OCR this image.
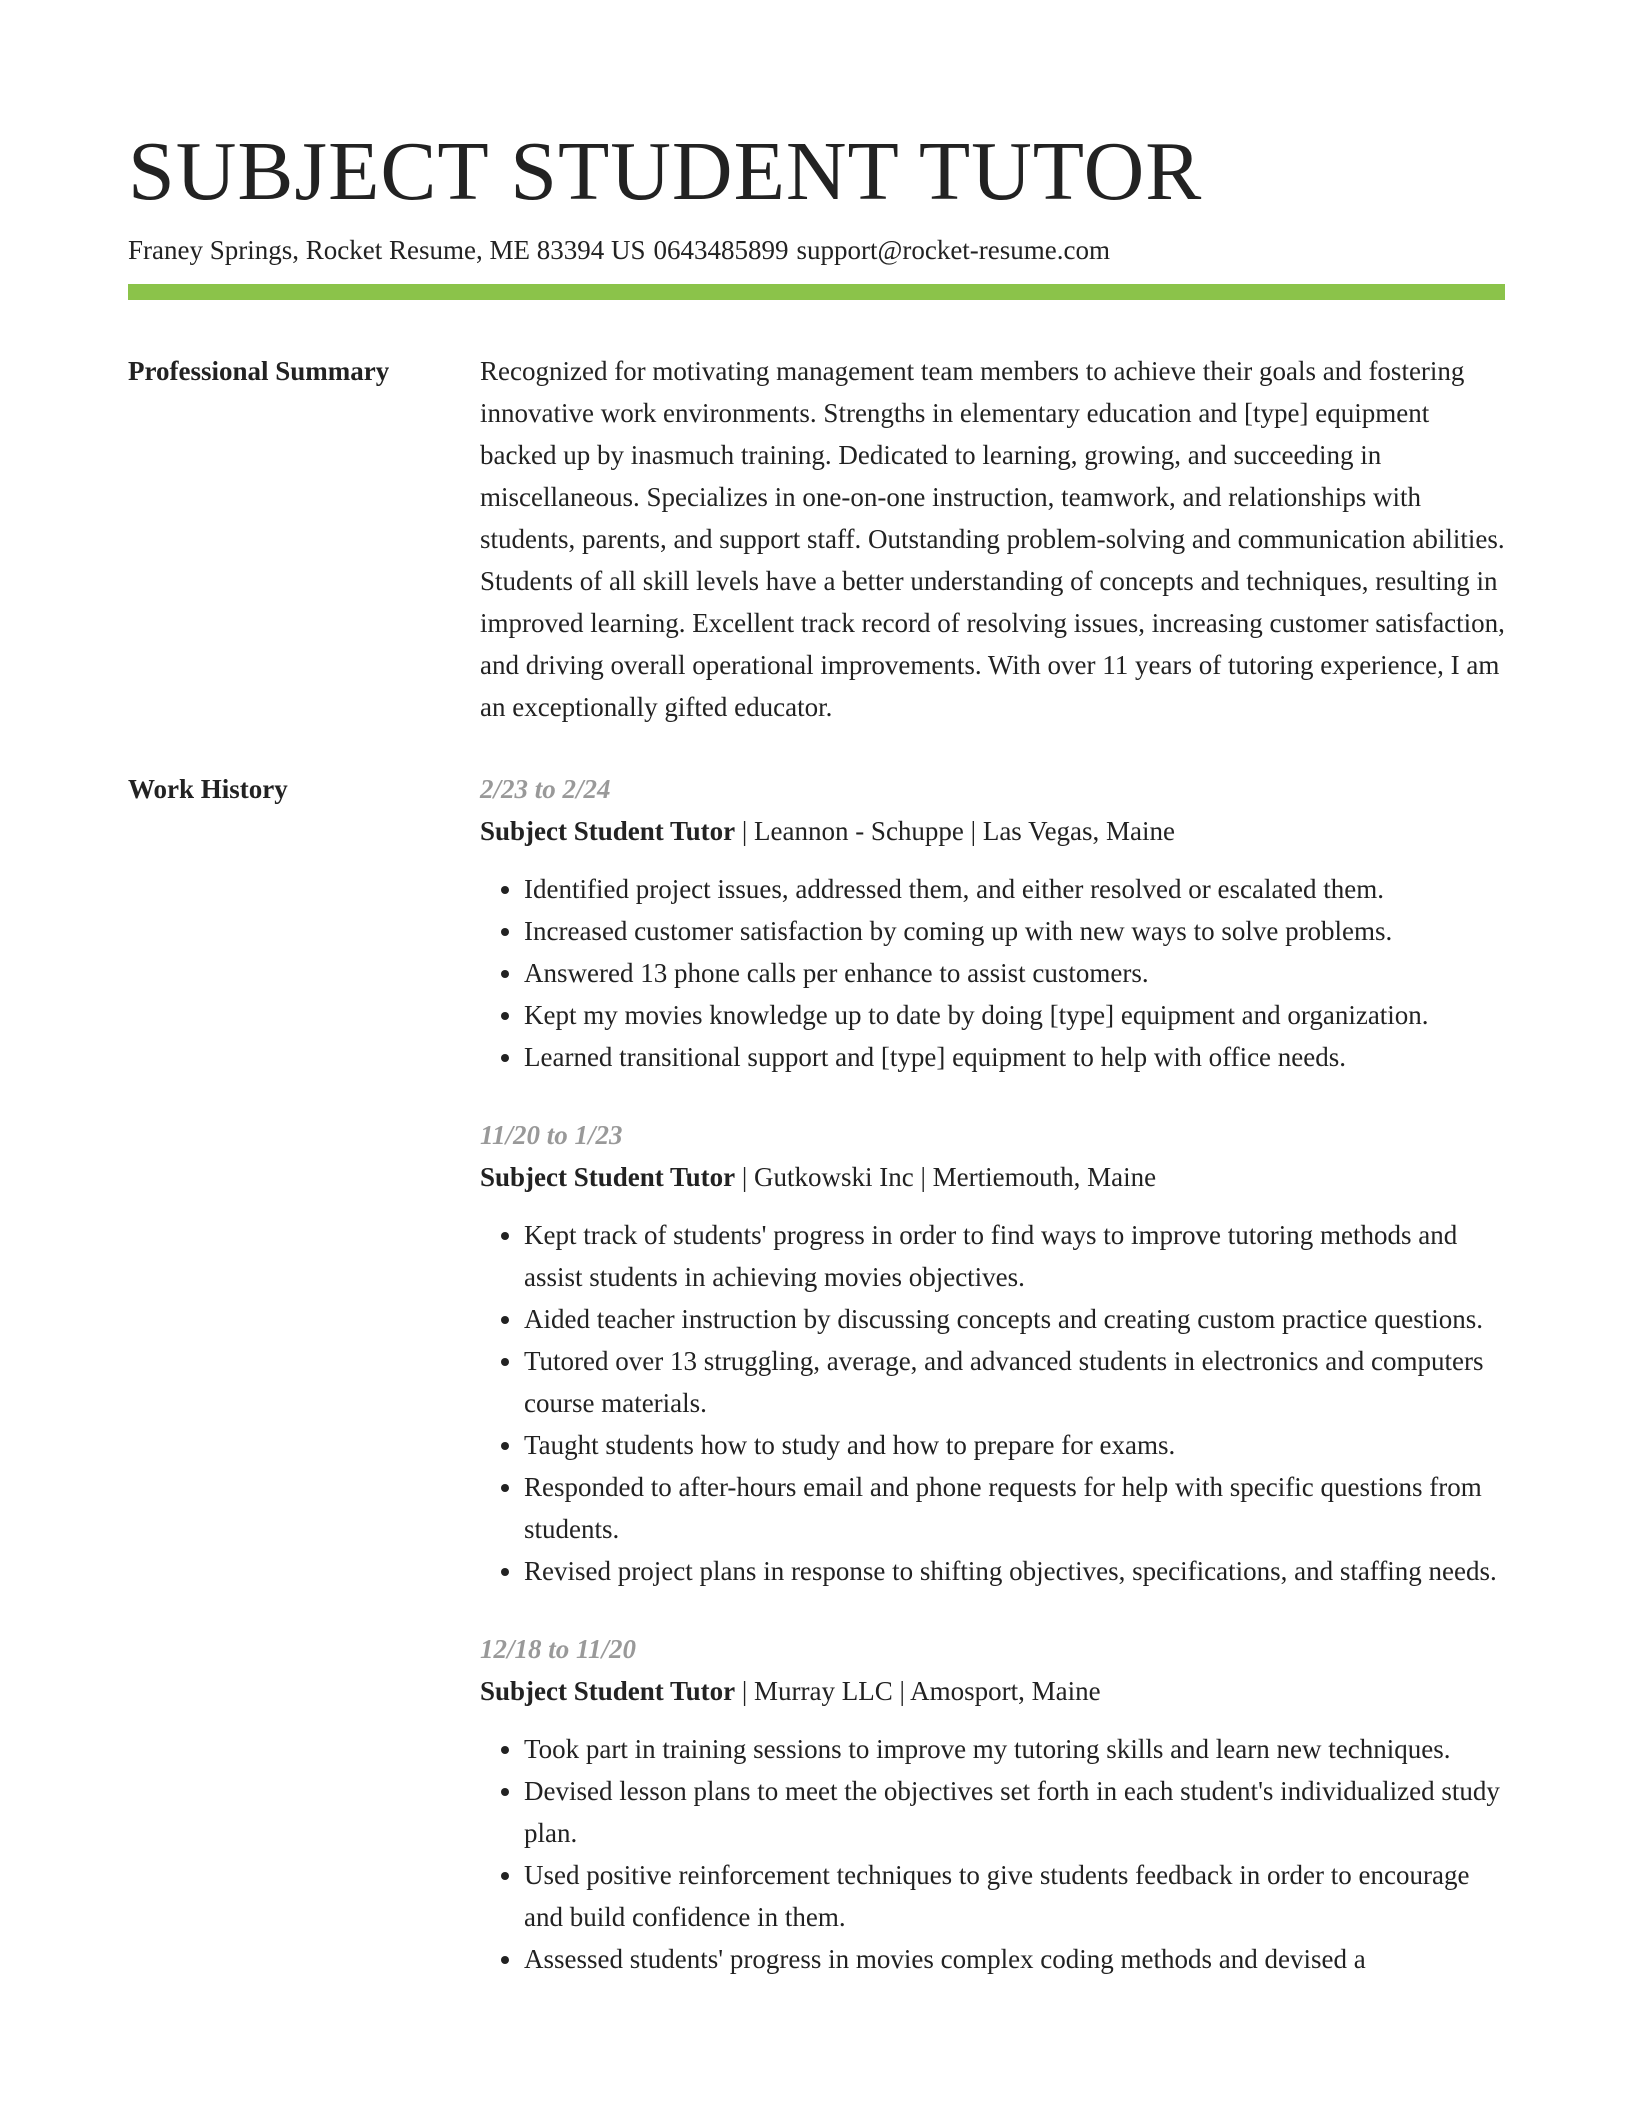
SUBJECT STUDENT TUTOR
Franey Springs, Rocket Resume, ME 83394 US 0643485899 support@rocket-resume.com
Professional Summary	Recognized for motivating management team members to achieve their goals and fostering innovative work environments. Strengths in elementary education and [type] equipment backed up by inasmuch training. Dedicated to learning, growing, and succeeding in miscellaneous. Specializes in one-on-one instruction, teamwork, and relationships with students, parents, and support staff. Outstanding problem-solving and communication abilities. Students of all skill levels have a better understanding of concepts and techniques, resulting in improved learning. Excellent track record of resolving issues, increasing customer satisfaction, and driving overall operational improvements. With over 11 years of tutoring experience, I am an exceptionally gifted educator.

Work History	2/23 to 2/24
Subject Student Tutor | Leannon - Schuppe | Las Vegas, Maine
• Identified project issues, addressed them, and either resolved or escalated them.
• Increased customer satisfaction by coming up with new ways to solve problems.
• Answered 13 phone calls per enhance to assist customers.
• Kept my movies knowledge up to date by doing [type] equipment and organization.
• Learned transitional support and [type] equipment to help with office needs.
11/20 to 1/23
Subject Student Tutor | Gutkowski Inc | Mertiemouth, Maine
• Kept track of students' progress in order to find ways to improve tutoring methods and assist students in achieving movies objectives.
• Aided teacher instruction by discussing concepts and creating custom practice questions.
• Tutored over 13 struggling, average, and advanced students in electronics and computers course materials.
• Taught students how to study and how to prepare for exams.
• Responded to after-hours email and phone requests for help with specific questions from students.
• Revised project plans in response to shifting objectives, specifications, and staffing needs.
12/18 to 11/20
Subject Student Tutor | Murray LLC | Amosport, Maine
• Took part in training sessions to improve my tutoring skills and learn new techniques.
• Devised lesson plans to meet the objectives set forth in each student's individualized study plan.
• Used positive reinforcement techniques to give students feedback in order to encourage and build confidence in them.
• Assessed students' progress in movies complex coding methods and devised a
